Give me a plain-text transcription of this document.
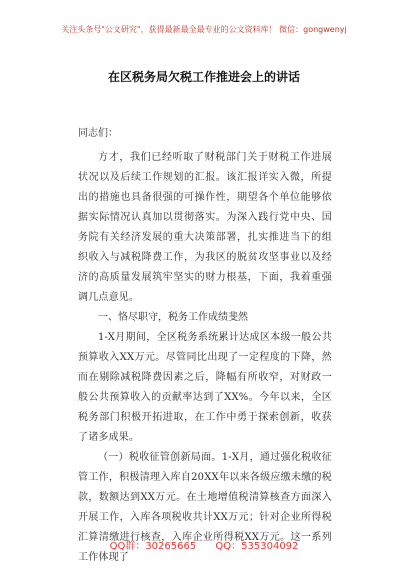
关注头条号"公文研究"，获得最新最全最专业的公文资料库！ 微信：gongwenyj
在区税务局欠税工作推进会上的讲话

同志们：

方才，我们已经听取了财税部门关于财税工作进展状况以及后续工作规划的汇报。该汇报详实入微，所提出的措施也具备很强的可操作性，期望各个单位能够依据实际情况认真加以贯彻落实。为深入践行党中央、国务院有关经济发展的重大决策部署，扎实推进当下的组织收入与减税降费工作，为我区的脱贫攻坚事业以及经济的高质量发展筑牢坚实的财力根基，下面，我着重强调几点意见。

一、恪尽职守，税务工作成绩斐然

1-X月期间，全区税务系统累计达成区本级一般公共预算收入XX万元。尽管同比出现了一定程度的下降，然而在剔除减税降费因素之后，降幅有所收窄，对财政一般公共预算收入的贡献率达到了XX%。今年以来，全区税务部门积极开拓进取，在工作中勇于探索创新，收获了诸多成果。

（一）税收征管创新局面。1-X月，通过强化税收征管工作，积极清理入库自20XX年以来各级应缴未缴的税款，数额达到XX万元。在土地增值税清算核查方面深入开展工作，入库各项税收共计XX万元；针对企业所得税汇算清缴进行核查，入库企业所得税XX万元。这一系列工作体现了

QQ群：30265665 QQ：535304092
